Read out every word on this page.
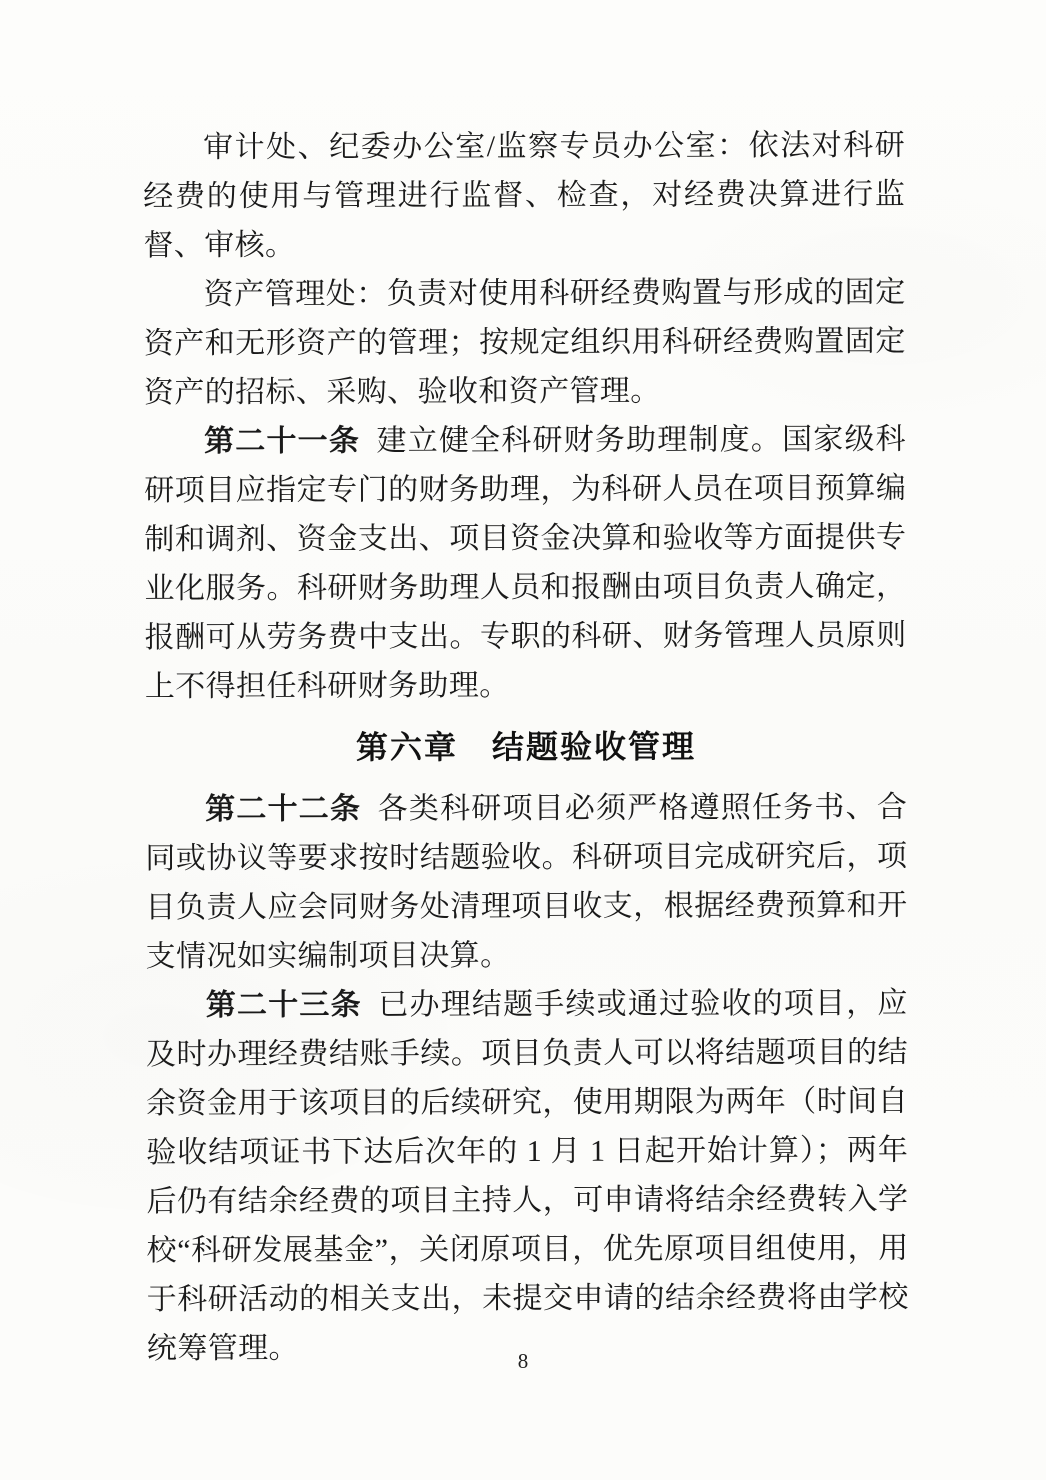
审计处、纪委办公室/监察专员办公室：依法对科研经费的使用与管理进行监督、检查，对经费决算进行监督、审核。

资产管理处：负责对使用科研经费购置与形成的固定资产和无形资产的管理；按规定组织用科研经费购置固定资产的招标、采购、验收和资产管理。

第二十一条 建立健全科研财务助理制度。国家级科研项目应指定专门的财务助理，为科研人员在项目预算编制和调剂、资金支出、项目资金决算和验收等方面提供专业化服务。科研财务助理人员和报酬由项目负责人确定，报酬可从劳务费中支出。专职的科研、财务管理人员原则上不得担任科研财务助理。

第六章　结题验收管理

第二十二条 各类科研项目必须严格遵照任务书、合同或协议等要求按时结题验收。科研项目完成研究后，项目负责人应会同财务处清理项目收支，根据经费预算和开支情况如实编制项目决算。

第二十三条 已办理结题手续或通过验收的项目，应及时办理经费结账手续。项目负责人可以将结题项目的结余资金用于该项目的后续研究，使用期限为两年（时间自验收结项证书下达后次年的 1 月 1 日起开始计算）；两年后仍有结余经费的项目主持人，可申请将结余经费转入学校“科研发展基金”，关闭原项目，优先原项目组使用，用于科研活动的相关支出，未提交申请的结余经费将由学校统筹管理。	8
